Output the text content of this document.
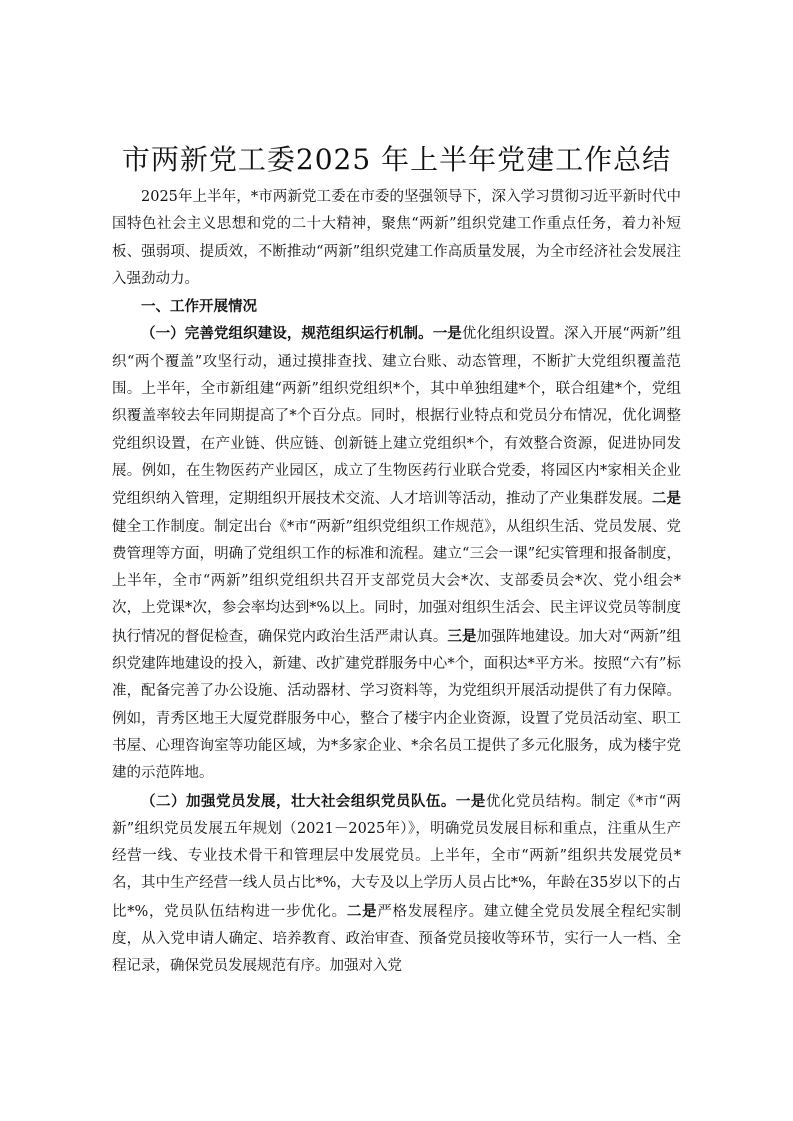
市两新党工委2025 年上半年党建工作总结

2025年上半年，*市两新党工委在市委的坚强领导下，深入学习贯彻习近平新时代中国特色社会主义思想和党的二十大精神，聚焦“两新”组织党建工作重点任务，着力补短板、强弱项、提质效，不断推动“两新”组织党建工作高质量发展，为全市经济社会发展注入强劲动力。

一、工作开展情况

（一）完善党组织建设，规范组织运行机制。一是优化组织设置。深入开展“两新”组织“两个覆盖”攻坚行动，通过摸排查找、建立台账、动态管理，不断扩大党组织覆盖范围。上半年，全市新组建“两新”组织党组织*个，其中单独组建*个，联合组建*个，党组织覆盖率较去年同期提高了*个百分点。同时，根据行业特点和党员分布情况，优化调整党组织设置，在产业链、供应链、创新链上建立党组织*个，有效整合资源，促进协同发展。例如，在生物医药产业园区，成立了生物医药行业联合党委，将园区内*家相关企业党组织纳入管理，定期组织开展技术交流、人才培训等活动，推动了产业集群发展。二是健全工作制度。制定出台《*市“两新”组织党组织工作规范》，从组织生活、党员发展、党费管理等方面，明确了党组织工作的标准和流程。建立“三会一课”纪实管理和报备制度，上半年，全市“两新”组织党组织共召开支部党员大会*次、支部委员会*次、党小组会*次，上党课*次，参会率均达到*%以上。同时，加强对组织生活会、民主评议党员等制度执行情况的督促检查，确保党内政治生活严肃认真。三是加强阵地建设。加大对“两新”组织党建阵地建设的投入，新建、改扩建党群服务中心*个，面积达*平方米。按照“六有”标准，配备完善了办公设施、活动器材、学习资料等，为党组织开展活动提供了有力保障。例如，青秀区地王大厦党群服务中心，整合了楼宇内企业资源，设置了党员活动室、职工书屋、心理咨询室等功能区域，为*多家企业、*余名员工提供了多元化服务，成为楼宇党建的示范阵地。

（二）加强党员发展，壮大社会组织党员队伍。一是优化党员结构。制定《*市“两新”组织党员发展五年规划（2021－2025年）》，明确党员发展目标和重点，注重从生产经营一线、专业技术骨干和管理层中发展党员。上半年，全市“两新”组织共发展党员*名，其中生产经营一线人员占比*%，大专及以上学历人员占比*%，年龄在35岁以下的占比*%，党员队伍结构进一步优化。二是严格发展程序。建立健全党员发展全程纪实制度，从入党申请人确定、培养教育、政治审查、预备党员接收等环节，实行一人一档、全程记录，确保党员发展规范有序。加强对入党
